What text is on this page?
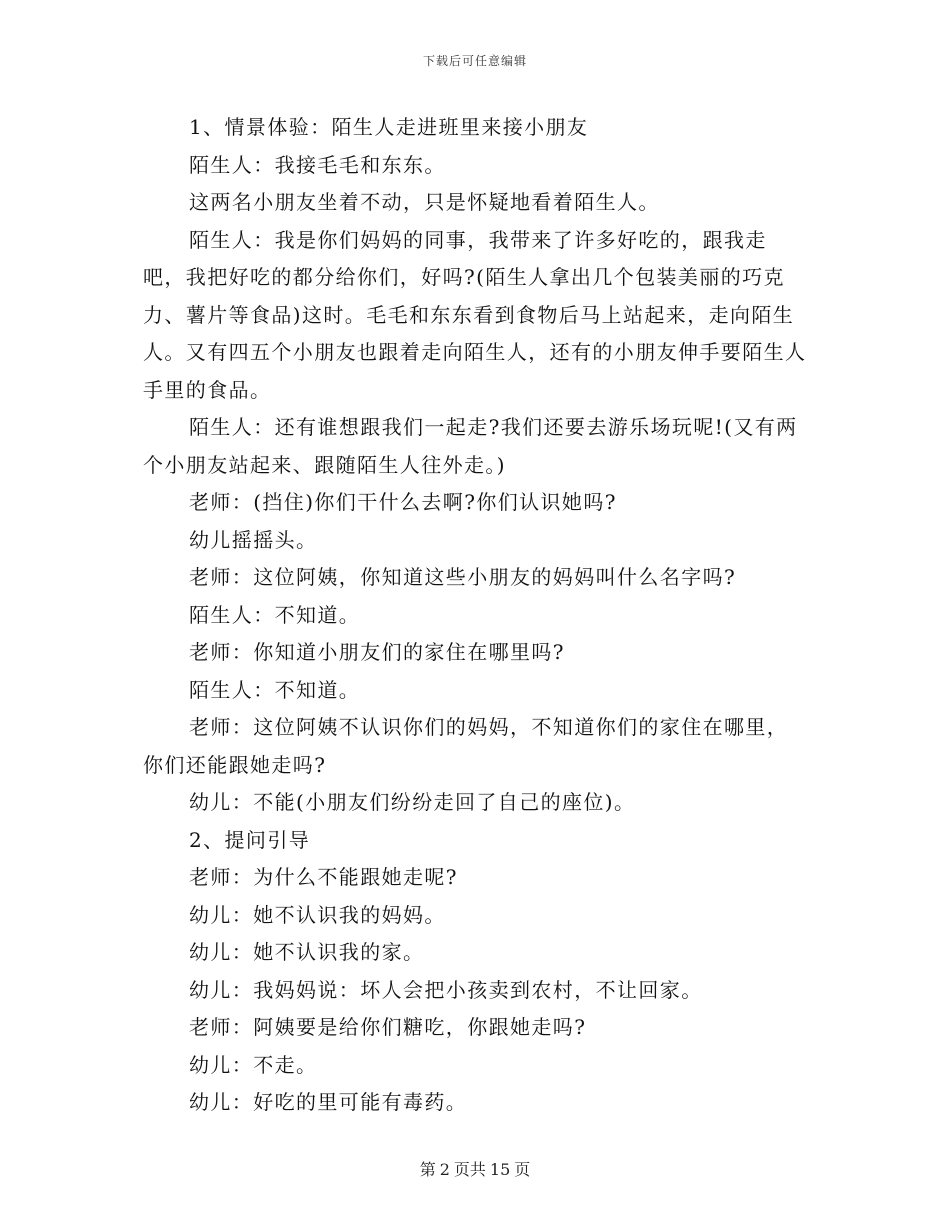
下载后可任意编辑

1、情景体验：陌生人走进班里来接小朋友

陌生人：我接毛毛和东东。

这两名小朋友坐着不动，只是怀疑地看着陌生人。

陌生人：我是你们妈妈的同事，我带来了许多好吃的，跟我走吧，我把好吃的都分给你们，好吗?(陌生人拿出几个包装美丽的巧克力、薯片等食品)这时。毛毛和东东看到食物后马上站起来，走向陌生人。又有四五个小朋友也跟着走向陌生人，还有的小朋友伸手要陌生人手里的食品。

陌生人：还有谁想跟我们一起走?我们还要去游乐场玩呢!(又有两个小朋友站起来、跟随陌生人往外走。)

老师：(挡住)你们干什么去啊?你们认识她吗?

幼儿摇摇头。

老师：这位阿姨，你知道这些小朋友的妈妈叫什么名字吗?

陌生人：不知道。

老师：你知道小朋友们的家住在哪里吗?

陌生人：不知道。

老师：这位阿姨不认识你们的妈妈，不知道你们的家住在哪里，你们还能跟她走吗?

幼儿：不能(小朋友们纷纷走回了自己的座位)。

2、提问引导

老师：为什么不能跟她走呢?

幼儿：她不认识我的妈妈。

幼儿：她不认识我的家。

幼儿：我妈妈说：坏人会把小孩卖到农村，不让回家。

老师：阿姨要是给你们糖吃，你跟她走吗?

幼儿：不走。

幼儿：好吃的里可能有毒药。

第 2 页共 15 页
